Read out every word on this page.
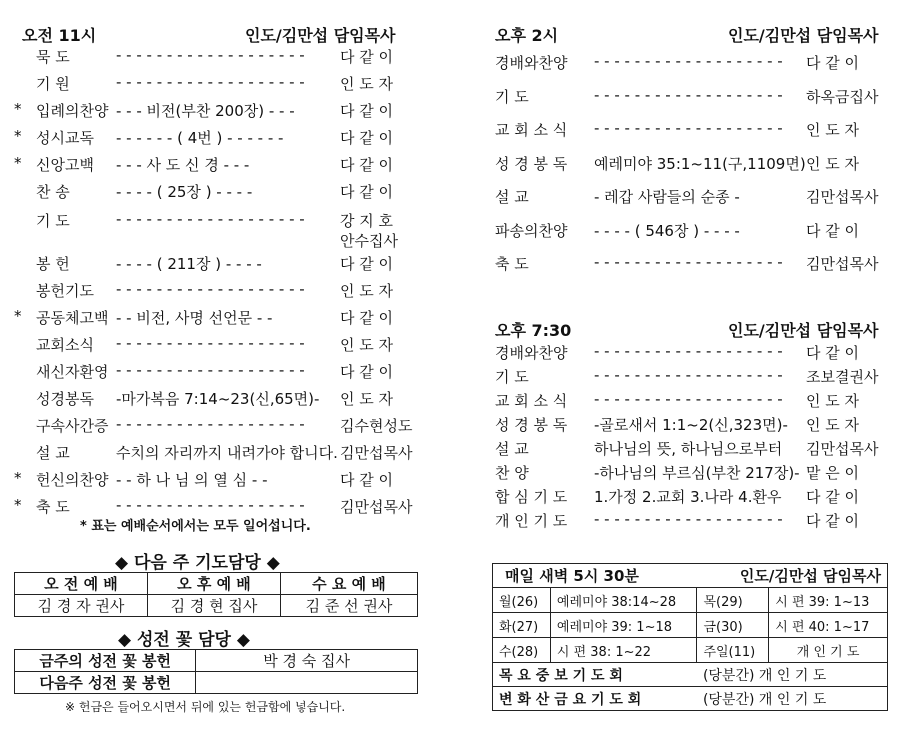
오전 11시	인도/김만섭 담임목사
묵 도	- - - - - - - - - - - - - - - - - - - 다 같 이
기 원	- - - - - - - - - - - - - - - - - - - 인 도 자
* 입례의찬양 - - - 비전(부찬 200장) - - -	다 같 이
* 성시교독 - - - - - - ( 4번 ) - - - - - -	다 같 이
* 신앙고백 - - - 사 도 신 경 - - -	다 같 이
찬 송	- - - - ( 25장 ) - - - -	다 같 이
기 도	- - - - - - - - - - - - - - - - - - - 강 지 호
안수집사
봉 헌	- - - - ( 211장 ) - - - -	다 같 이
봉헌기도 - - - - - - - - - - - - - - - - - - - 인 도 자
* 공동체고백 - - 비전, 사명 선언문 - -	다 같 이
교회소식 - - - - - - - - - - - - - - - - - - - 인 도 자
새신자환영 - - - - - - - - - - - - - - - - - - - 다 같 이
성경봉독 -마가복음 7:14~23(신,65면)- 인 도 자
구속사간증 - - - - - - - - - - - - - - - - - - - 김수현성도
설 교	수치의 자리까지 내려가야 합니다. 김만섭목사
* 헌신의찬양 - - 하 나 님 의 열 심 - -	다 같 이
* 축 도	- - - - - - - - - - - - - - - - - - - 김만섭목사
* 표는 예배순서에서는 모두 일어섭니다.
◆ 다음 주 기도담당 ◆
오 전 예 배	오 후 예 배	수 요 예 배
김 경 자 권사	김 경 현 집사	김 준 선 권사
◆ 성전 꽃 담당 ◆
금주의 성전 꽃 봉헌	박 경 숙 집사
다음주 성전 꽃 봉헌	
※ 헌금은 들어오시면서 뒤에 있는 헌금함에 넣습니다.
오후 2시	인도/김만섭 담임목사
경배와찬양 - - - - - - - - - - - - - - - - - - - 다 같 이
기 도	- - - - - - - - - - - - - - - - - - - 하옥금집사
교 회 소 식 - - - - - - - - - - - - - - - - - - - 인 도 자
성 경 봉 독 예레미야 35:1~11(구,1109면) 인 도 자
설 교	- 레갑 사람들의 순종 -	김만섭목사
파송의찬양 - - - - ( 546장 ) - - - -	다 같 이
축 도	- - - - - - - - - - - - - - - - - - - 김만섭목사
오후 7:30	인도/김만섭 담임목사
경배와찬양 - - - - - - - - - - - - - - - - - - - 다 같 이
기 도	- - - - - - - - - - - - - - - - - - - 조보결권사
교 회 소 식 - - - - - - - - - - - - - - - - - - - 인 도 자
성 경 봉 독 -골로새서 1:1~2(신,323면)- 인 도 자
설 교	하나님의 뜻, 하나님으로부터 김만섭목사
찬 양	-하나님의 부르심(부찬 217장)- 맡 은 이
합 심 기 도 1.가정 2.교회 3.나라 4.환우 다 같 이
개 인 기 도 - - - - - - - - - - - - - - - - - - - 다 같 이
매일 새벽 5시 30분		인도/김만섭 담임목사	
월(26)	예레미야 38:14~28	목(29)	시 편 39: 1~13
화(27)	예레미야 39: 1~18	금(30)	시 편 40: 1~17
수(28)	시 편 38: 1~22	주일(11)	개 인 기 도
목 요 중 보 기 도 회		(당분간) 개 인 기 도	
변 화 산 금 요 기 도 회		(당분간) 개 인 기 도	
